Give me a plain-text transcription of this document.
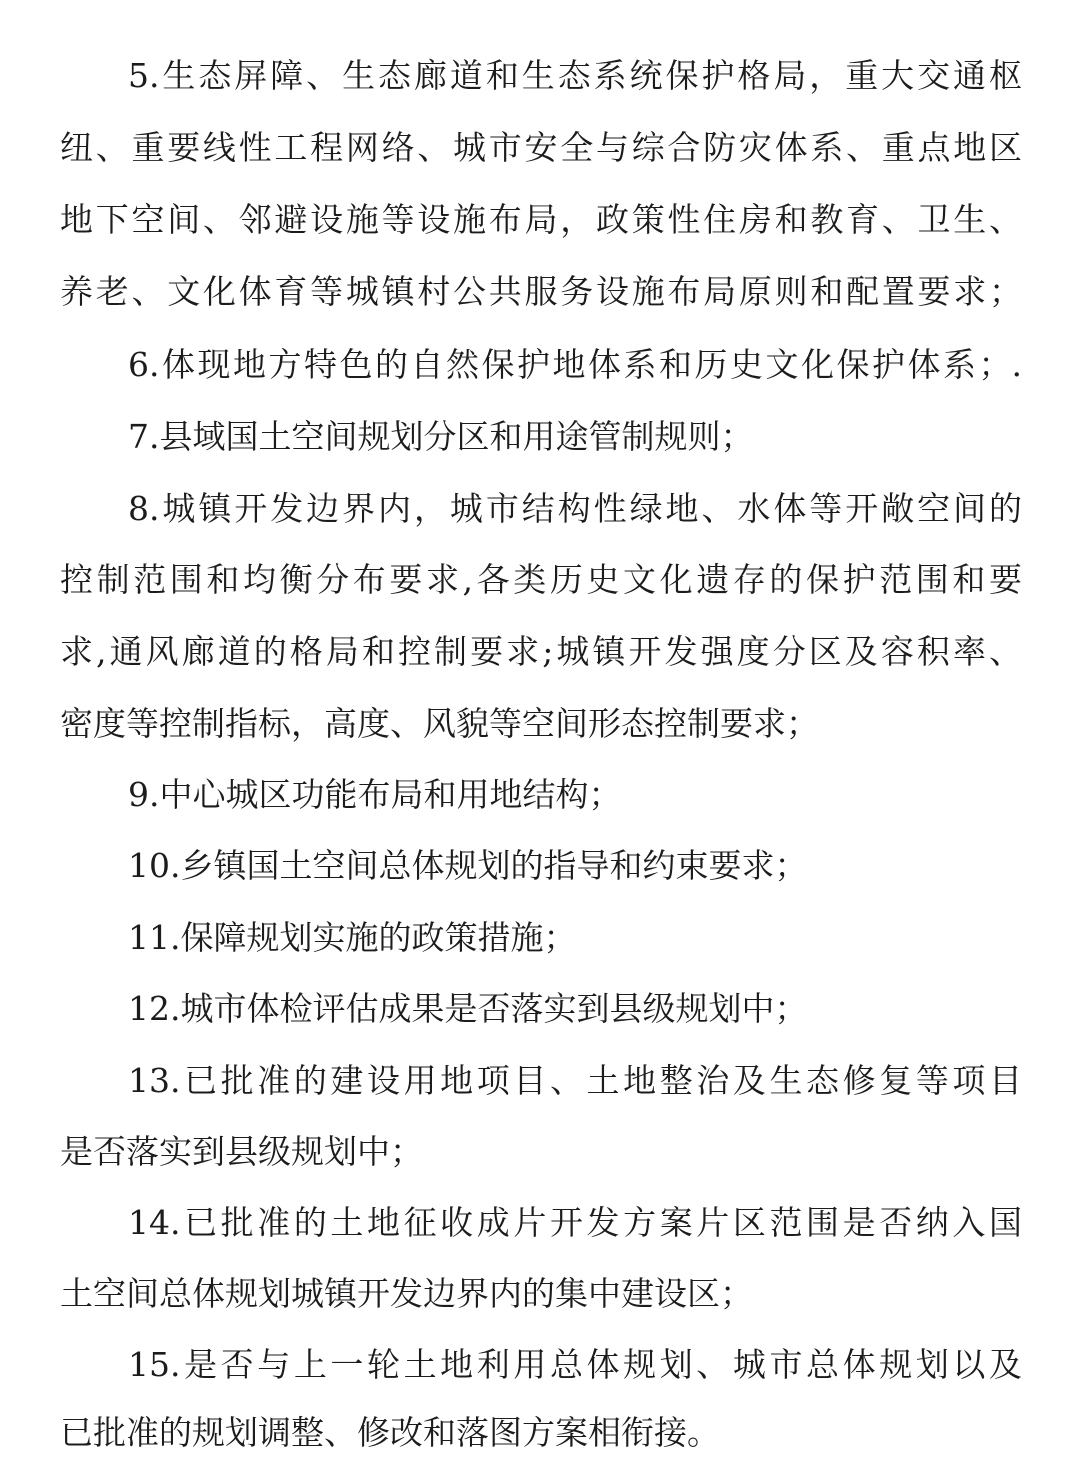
5.生态屏障、生态廊道和生态系统保护格局，重大交通枢

纽、重要线性工程网络、城市安全与综合防灾体系、重点地区

地下空间、邻避设施等设施布局，政策性住房和教育、卫生、

养老、文化体育等城镇村公共服务设施布局原则和配置要求；

6.体现地方特色的自然保护地体系和历史文化保护体系；.

7.县域国土空间规划分区和用途管制规则；

8.城镇开发边界内，城市结构性绿地、水体等开敞空间的

控制范围和均衡分布要求,各类历史文化遗存的保护范围和要

求,通风廊道的格局和控制要求;城镇开发强度分区及容积率、

密度等控制指标，高度、风貌等空间形态控制要求；

9.中心城区功能布局和用地结构；

10.乡镇国土空间总体规划的指导和约束要求；

11.保障规划实施的政策措施；

12.城市体检评估成果是否落实到县级规划中；

13.已批准的建设用地项目、土地整治及生态修复等项目

是否落实到县级规划中；

14.已批准的土地征收成片开发方案片区范围是否纳入国

土空间总体规划城镇开发边界内的集中建设区；

15.是否与上一轮土地利用总体规划、城市总体规划以及

已批准的规划调整、修改和落图方案相衔接。
